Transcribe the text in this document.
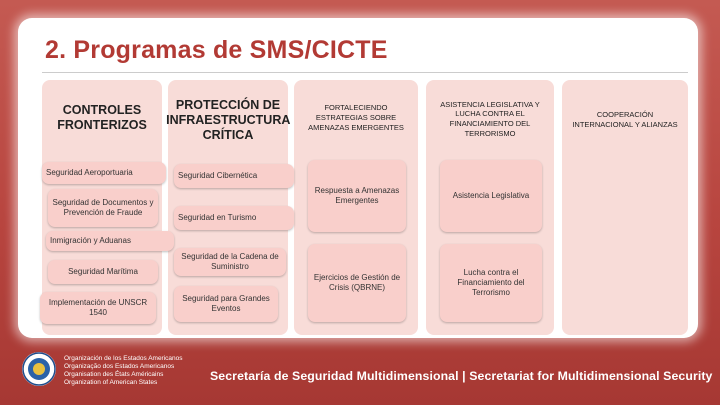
2. Programas de SMS/CICTE
CONTROLES FRONTERIZOS
PROTECCIÓN DE INFRAESTRUCTURA CRÍTICA
FORTALECIENDO ESTRATEGIAS SOBRE AMENAZAS EMERGENTES
ASISTENCIA LEGISLATIVA Y LUCHA CONTRA EL FINANCIAMIENTO DEL TERRORISMO
COOPERACIÓN INTERNACIONAL Y ALIANZAS
Seguridad Aeroportuaria
Seguridad de Documentos y Prevención de Fraude
Inmigración y Aduanas
Seguridad Marítima
Implementación de UNSCR 1540
Seguridad Cibernética
Seguridad en Turismo
Seguridad de la Cadena de Suministro
Seguridad para Grandes Eventos
Respuesta a Amenazas Emergentes
Ejercicios de Gestión de Crisis (QBRNE)
Asistencia Legislativa
Lucha contra el Financiamiento del Terrorismo
Organización de los Estados Americanos
Organização dos Estados Americanos
Organisation des États Américains
Organization of American States	Secretaría de Seguridad Multidimensional | Secretariat for Multidimensional Security
